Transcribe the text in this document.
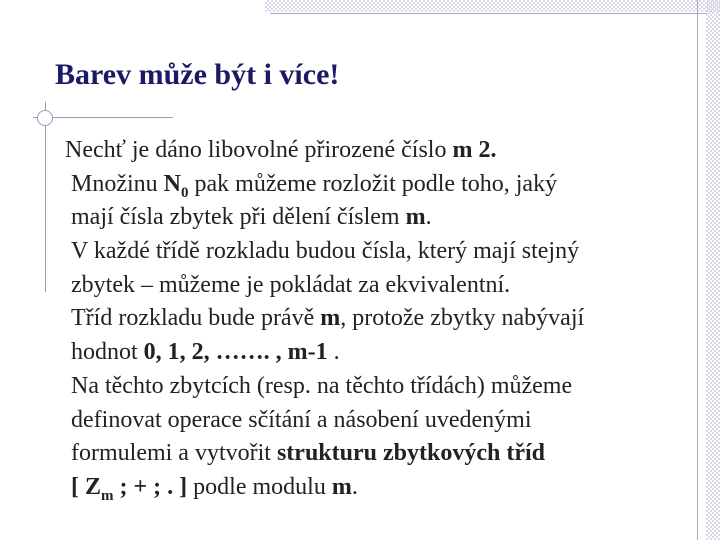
Barev může být i více!
Nechť je dáno libovolné přirozené číslo m 2.
Množinu $N_0$ pak můžeme rozložit podle toho, jaký
mají čísla zbytek při dělení číslem m.
V každé třídě rozkladu budou čísla, který mají stejný
zbytek – můžeme je pokládat za ekvivalentní.
Tříd rozkladu bude právě m, protože zbytky nabývají
hodnot 0, 1, 2, ……. , m-1 .
Na těchto zbytcích (resp. na těchto třídách) můžeme
definovat operace sčítání a násobení uvedenými
formulemi a vytvořit strukturu zbytkových tříd
[ $Z_m$ ; + ; . ] podle modulu m.
